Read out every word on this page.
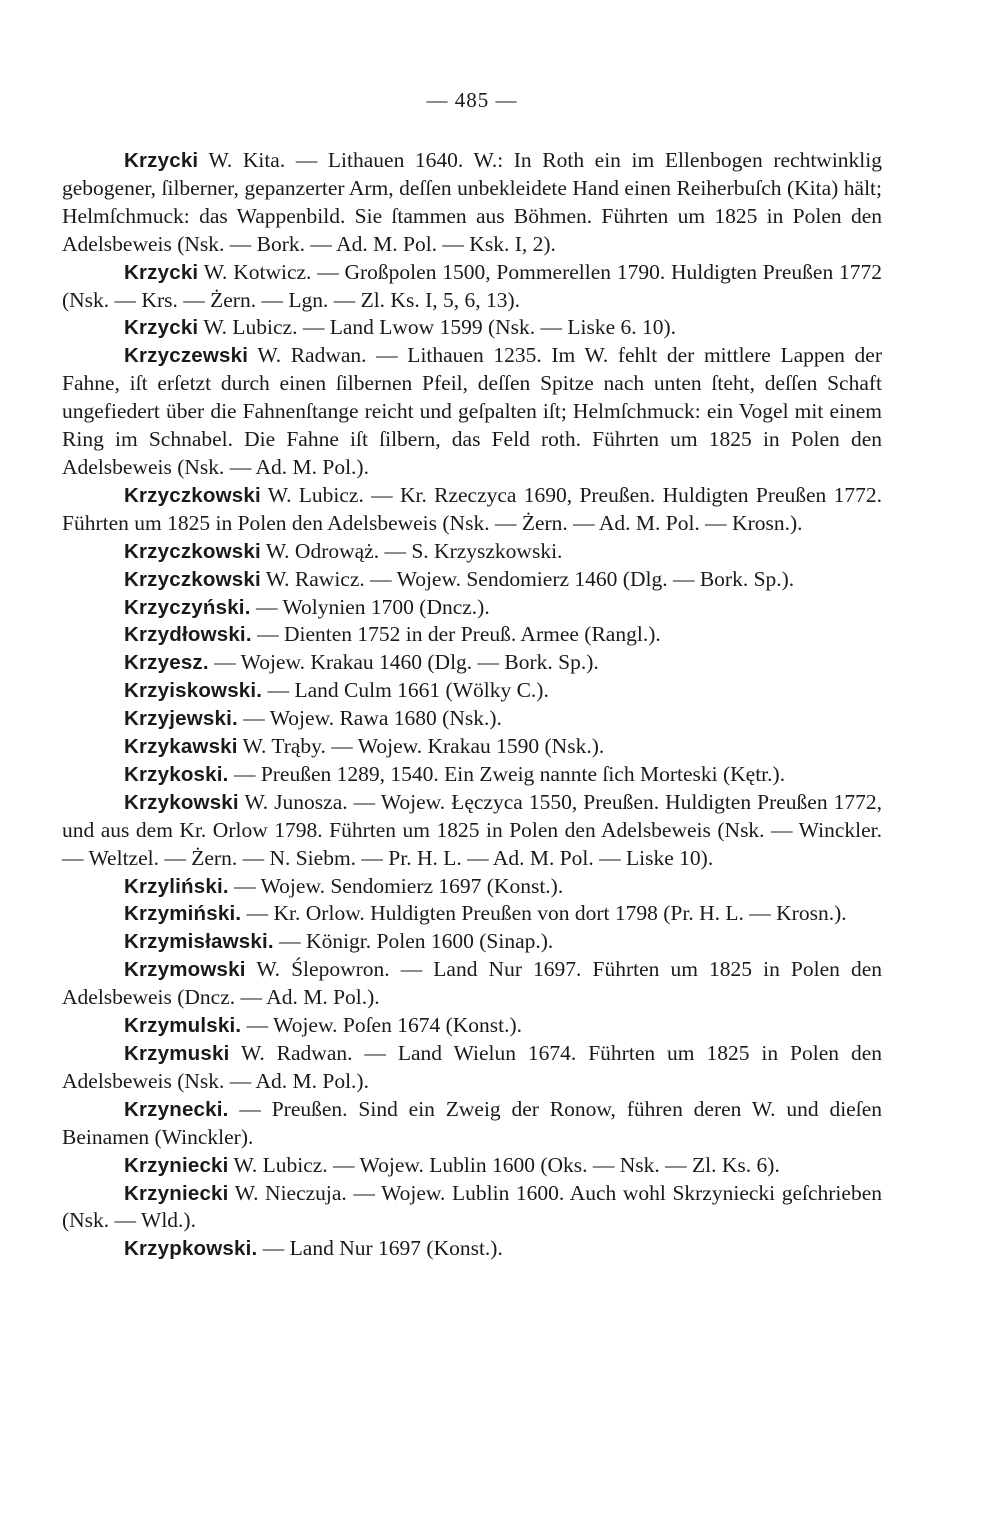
— 485 —

Krzycki W. Kita. — Lithauen 1640. W.: In Roth ein im Ellenbogen rechtwinklig gebogener, ſilberner, gepanzerter Arm, deſſen unbekleidete Hand einen Reiherbuſch (Kita) hält; Helmſchmuck: das Wappenbild. Sie ſtammen aus Böhmen. Führten um 1825 in Polen den Adelsbeweis (Nsk. — Bork. — Ad. M. Pol. — Ksk. I, 2).

Krzycki W. Kotwicz. — Großpolen 1500, Pommerellen 1790. Huldigten Preußen 1772 (Nsk. — Krs. — Żern. — Lgn. — Zl. Ks. I, 5, 6, 13).

Krzycki W. Lubicz. — Land Lwow 1599 (Nsk. — Liske 6. 10).

Krzyczewski W. Radwan. — Lithauen 1235. Im W. fehlt der mittlere Lappen der Fahne, iſt erſetzt durch einen ſilbernen Pfeil, deſſen Spitze nach unten ſteht, deſſen Schaft ungefiedert über die Fahnenſtange reicht und geſpalten iſt; Helmſchmuck: ein Vogel mit einem Ring im Schnabel. Die Fahne iſt ſilbern, das Feld roth. Führten um 1825 in Polen den Adelsbeweis (Nsk. — Ad. M. Pol.).

Krzyczkowski W. Lubicz. — Kr. Rzeczyca 1690, Preußen. Huldigten Preußen 1772. Führten um 1825 in Polen den Adelsbeweis (Nsk. — Żern. — Ad. M. Pol. — Krosn.).

Krzyczkowski W. Odrowąż. — S. Krzyszkowski.

Krzyczkowski W. Rawicz. — Wojew. Sendomierz 1460 (Dlg. — Bork. Sp.).

Krzyczyński. — Wolynien 1700 (Dncz.).

Krzydłowski. — Dienten 1752 in der Preuß. Armee (Rangl.).

Krzyesz. — Wojew. Krakau 1460 (Dlg. — Bork. Sp.).

Krzyiskowski. — Land Culm 1661 (Wölky C.).

Krzyjewski. — Wojew. Rawa 1680 (Nsk.).

Krzykawski W. Trąby. — Wojew. Krakau 1590 (Nsk.).

Krzykoski. — Preußen 1289, 1540. Ein Zweig nannte ſich Morteski (Kętr.).

Krzykowski W. Junosza. — Wojew. Łęczyca 1550, Preußen. Huldigten Preußen 1772, und aus dem Kr. Orlow 1798. Führten um 1825 in Polen den Adelsbeweis (Nsk. — Winckler. — Weltzel. — Żern. — N. Siebm. — Pr. H. L. — Ad. M. Pol. — Liske 10).

Krzyliński. — Wojew. Sendomierz 1697 (Konst.).

Krzymiński. — Kr. Orlow. Huldigten Preußen von dort 1798 (Pr. H. L. — Krosn.).

Krzymisławski. — Königr. Polen 1600 (Sinap.).

Krzymowski W. Ślepowron. — Land Nur 1697. Führten um 1825 in Polen den Adelsbeweis (Dncz. — Ad. M. Pol.).

Krzymulski. — Wojew. Poſen 1674 (Konst.).

Krzymuski W. Radwan. — Land Wielun 1674. Führten um 1825 in Polen den Adelsbeweis (Nsk. — Ad. M. Pol.).

Krzynecki. — Preußen. Sind ein Zweig der Ronow, führen deren W. und dieſen Beinamen (Winckler).

Krzyniecki W. Lubicz. — Wojew. Lublin 1600 (Oks. — Nsk. — Zl. Ks. 6).

Krzyniecki W. Nieczuja. — Wojew. Lublin 1600. Auch wohl Skrzyniecki geſchrieben (Nsk. — Wld.).

Krzypkowski. — Land Nur 1697 (Konst.).
